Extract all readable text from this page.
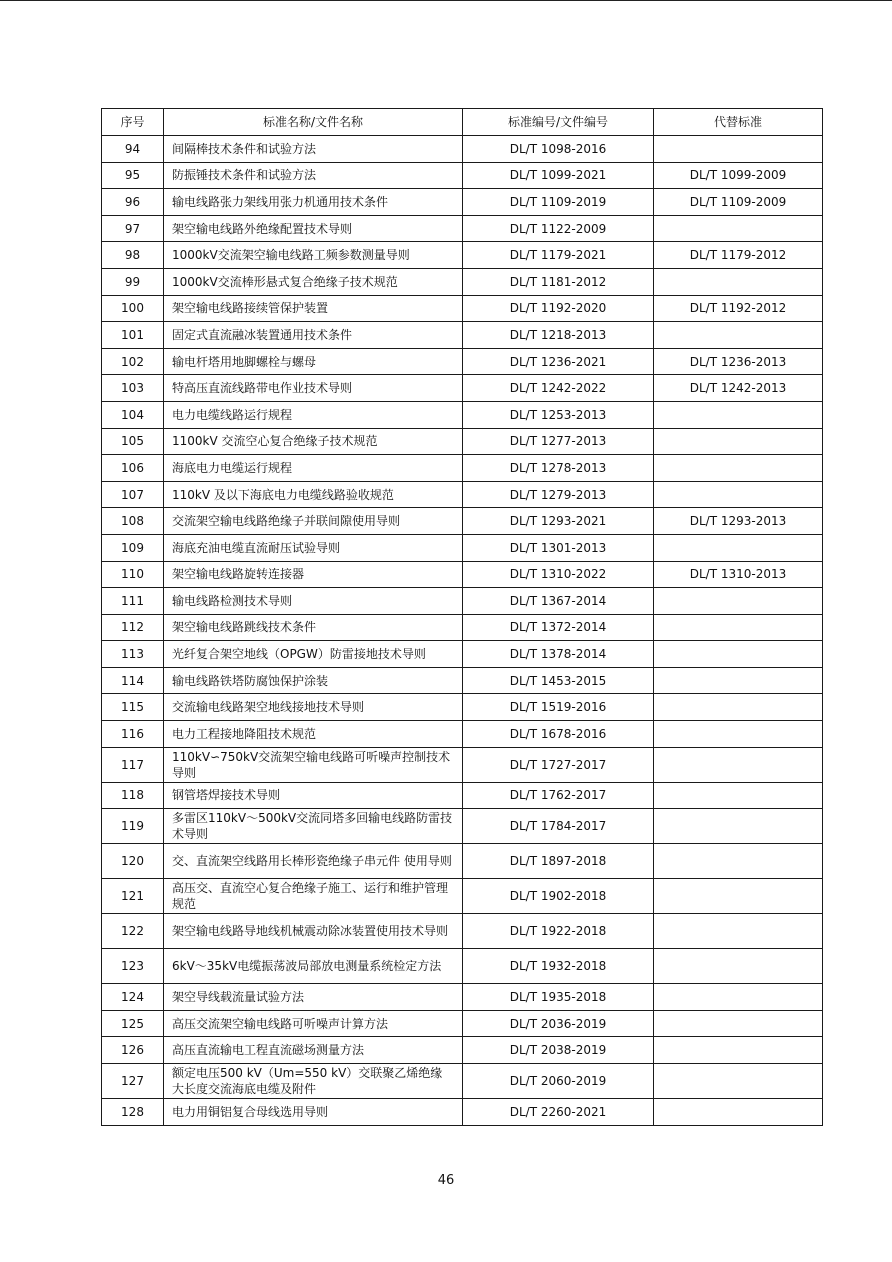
序号	标准名称/文件名称	标准编号/文件编号	代替标准
94	间隔棒技术条件和试验方法	DL/T 1098-2016	
95	防振锤技术条件和试验方法	DL/T 1099-2021	DL/T 1099-2009
96	输电线路张力架线用张力机通用技术条件	DL/T 1109-2019	DL/T 1109-2009
97	架空输电线路外绝缘配置技术导则	DL/T 1122-2009	
98	1000kV交流架空输电线路工频参数测量导则	DL/T 1179-2021	DL/T 1179-2012
99	1000kV交流棒形悬式复合绝缘子技术规范	DL/T 1181-2012	
100	架空输电线路接续管保护装置	DL/T 1192-2020	DL/T 1192-2012
101	固定式直流融冰装置通用技术条件	DL/T 1218-2013	
102	输电杆塔用地脚螺栓与螺母	DL/T 1236-2021	DL/T 1236-2013
103	特高压直流线路带电作业技术导则	DL/T 1242-2022	DL/T 1242-2013
104	电力电缆线路运行规程	DL/T 1253-2013	
105	1100kV 交流空心复合绝缘子技术规范	DL/T 1277-2013	
106	海底电力电缆运行规程	DL/T 1278-2013	
107	110kV 及以下海底电力电缆线路验收规范	DL/T 1279-2013	
108	交流架空输电线路绝缘子并联间隙使用导则	DL/T 1293-2021	DL/T 1293-2013
109	海底充油电缆直流耐压试验导则	DL/T 1301-2013	
110	架空输电线路旋转连接器	DL/T 1310-2022	DL/T 1310-2013
111	输电线路检测技术导则	DL/T 1367-2014	
112	架空输电线路跳线技术条件	DL/T 1372-2014	
113	光纤复合架空地线（OPGW）防雷接地技术导则	DL/T 1378-2014	
114	输电线路铁塔防腐蚀保护涂装	DL/T 1453-2015	
115	交流输电线路架空地线接地技术导则	DL/T 1519-2016	
116	电力工程接地降阻技术规范	DL/T 1678-2016	
117	110kV∽750kV交流架空输电线路可听噪声控制技术导则	DL/T 1727-2017	
118	钢管塔焊接技术导则	DL/T 1762-2017	
119	多雷区110kV～500kV交流同塔多回输电线路防雷技术导则	DL/T 1784-2017	
120	交、直流架空线路用长棒形瓷绝缘子串元件 使用导则	DL/T 1897-2018	
121	高压交、直流空心复合绝缘子施工、运行和维护管理规范	DL/T 1902-2018	
122	架空输电线路导地线机械震动除冰装置使用技术导则	DL/T 1922-2018	
123	6kV～35kV电缆振荡波局部放电测量系统检定方法	DL/T 1932-2018	
124	架空导线载流量试验方法	DL/T 1935-2018	
125	高压交流架空输电线路可听噪声计算方法	DL/T 2036-2019	
126	高压直流输电工程直流磁场测量方法	DL/T 2038-2019	
127	额定电压500 kV（Um=550 kV）交联聚乙烯绝缘大长度交流海底电缆及附件	DL/T 2060-2019	
128	电力用铜铝复合母线选用导则	DL/T 2260-2021	
46
